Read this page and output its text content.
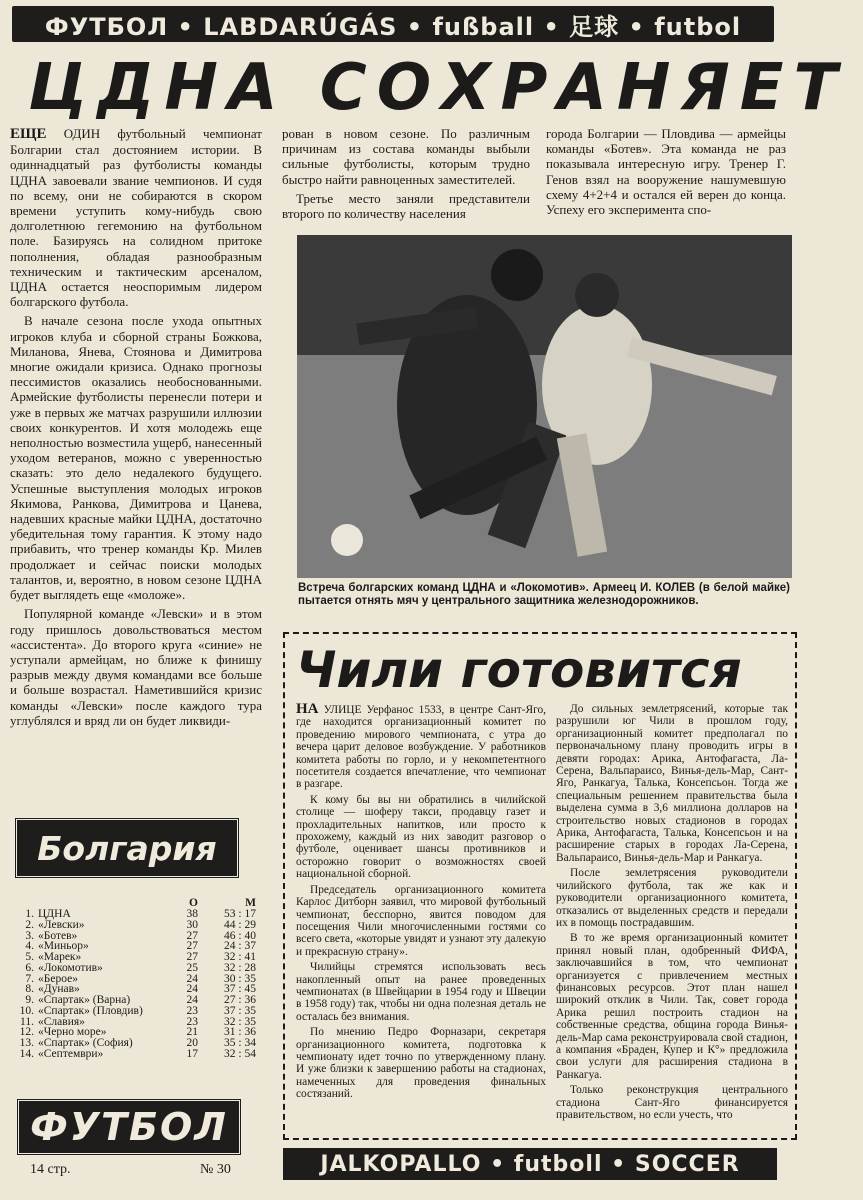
ФУТБОЛ • LABDARÚGÁS • fußball • 足球 • futbol
ЦДНА СОХРАНЯЕТ

ЕЩЕ ОДИН футбольный чемпионат Болгарии стал достоянием истории. В одиннадцатый раз футболисты команды ЦДНА завоевали звание чемпионов. И судя по всему, они не собираются в скором времени уступить кому-нибудь свою долголетнюю гегемонию на футбольном поле. Базируясь на солидном притоке пополнения, обладая разнообразным техническим и тактическим арсеналом, ЦДНА остается неоспоримым лидером болгарского футбола.

В начале сезона после ухода опытных игроков клуба и сборной страны Божкова, Миланова, Янева, Стоянова и Димитрова многие ожидали кризиса. Однако прогнозы пессимистов оказались необоснованными. Армейские футболисты перенесли потери и уже в первых же матчах разрушили иллюзии своих конкурентов. И хотя молодежь еще неполностью возместила ущерб, нанесенный уходом ветеранов, можно с уверенностью сказать: это дело недалекого будущего. Успешные выступления молодых игроков Якимова, Ранкова, Димитрова и Цанева, надевших красные майки ЦДНА, достаточно убедительная тому гарантия. К этому надо прибавить, что тренер команды Кр. Милев продолжает и сейчас поиски молодых талантов, и, вероятно, в новом сезоне ЦДНА будет выглядеть еще «моложе».

Популярной команде «Левски» и в этом году пришлось довольствоваться местом «ассистента». До второго круга «синие» не уступали армейцам, но ближе к финишу разрыв между двумя командами все больше и больше возрастал. Наметившийся кризис команды «Левски» после каждого тура углублялся и вряд ли он будет ликвиди-

рован в новом сезоне. По различным причинам из состава команды выбыли сильные футболисты, которым трудно быстро найти равноценных заместителей.

Третье место заняли представители второго по количеству населения

города Болгарии — Пловдива — армейцы команды «Ботев». Эта команда не раз показывала интересную игру. Тренер Г. Генов взял на вооружение нашумевшую схему 4+2+4 и остался ей верен до конца. Успеху его эксперимента спо-

Встреча болгарских команд ЦДНА и «Локомотив». Армеец И. КОЛЕВ (в белой майке) пытается отнять мяч у центрального защитника железнодорожников.

Чили готовится

НА УЛИЦЕ Уерфанос 1533, в центре Сант-Яго, где находится организационный комитет по проведению мирового чемпионата, с утра до вечера царит деловое возбуждение. У работников комитета работы по горло, и у некомпетентного посетителя создается впечатление, что чемпионат в разгаре.

К кому бы вы ни обратились в чилийской столице — шоферу такси, продавцу газет и прохладительных напитков, или просто к прохожему, каждый из них заводит разговор о футболе, оценивает шансы противников и осторожно говорит о возможностях своей национальной сборной.

Председатель организационного комитета Карлос Дитборн заявил, что мировой футбольный чемпионат, бесспорно, явится поводом для посещения Чили многочисленными гостями со всего света, «которые увидят и узнают эту далекую и прекрасную страну».

Чилийцы стремятся использовать весь накопленный опыт на ранее проведенных чемпионатах (в Швейцарии в 1954 году и Швеции в 1958 году) так, чтобы ни одна полезная деталь не осталась без внимания.

По мнению Педро Форназари, секретаря организационного комитета, подготовка к чемпионату идет точно по утвержденному плану. И уже близки к завершению работы на стадионах, намеченных для проведения финальных состязаний.

До сильных землетрясений, которые так разрушили юг Чили в прошлом году, организационный комитет предполагал по первоначальному плану проводить игры в девяти городах: Арика, Антофагаста, Ла-Серена, Вальпараисо, Винья-дель-Мар, Сант-Яго, Ранкагуа, Талька, Консепсьон. Тогда же специальным решением правительства была выделена сумма в 3,6 миллиона долларов на строительство новых стадионов в городах Арика, Антофагаста, Талька, Консепсьон и на расширение старых в городах Ла-Серена, Вальпараисо, Винья-дель-Мар и Ранкагуа.

После землетрясения руководители чилийского футбола, так же как и руководители организационного комитета, отказались от выделенных средств и передали их в помощь пострадавшим.

В то же время организационный комитет принял новый план, одобренный ФИФА, заключавшийся в том, что чемпионат организуется с привлечением местных финансовых ресурсов. Этот план нашел широкий отклик в Чили. Так, совет города Арика решил построить стадион на собственные средства, община города Винья-дель-Мар сама реконструировала свой стадион, а компания «Браден, Купер и К°» предложила свои услуги для расширения стадиона в Ранкагуа.

Только реконструкция центрального стадиона Сант-Яго финансируется правительством, но если учесть, что

Болгария
О	М
1. ЦДНА	38	53 : 17
2. «Левски»	30	44 : 29
3. «Ботев»	27	46 : 40
4. «Миньор»	27	24 : 37
5. «Марек»	27	32 : 41
6. «Локомотив»	25	32 : 28
7. «Берое»	24	30 : 35
8. «Дунав»	24	37 : 45
9. «Спартак» (Варна)	24	27 : 36
10. «Спартак» (Пловдив)	23	37 : 35
11. «Славия»	23	32 : 35
12. «Черно море»	21	31 : 36
13. «Спартак» (София)	20	35 : 34
14. «Септември»	17	32 : 54
ФУТБОЛ
14 стр.	№ 30	JALKOPALLO • futboll • SOCCER
